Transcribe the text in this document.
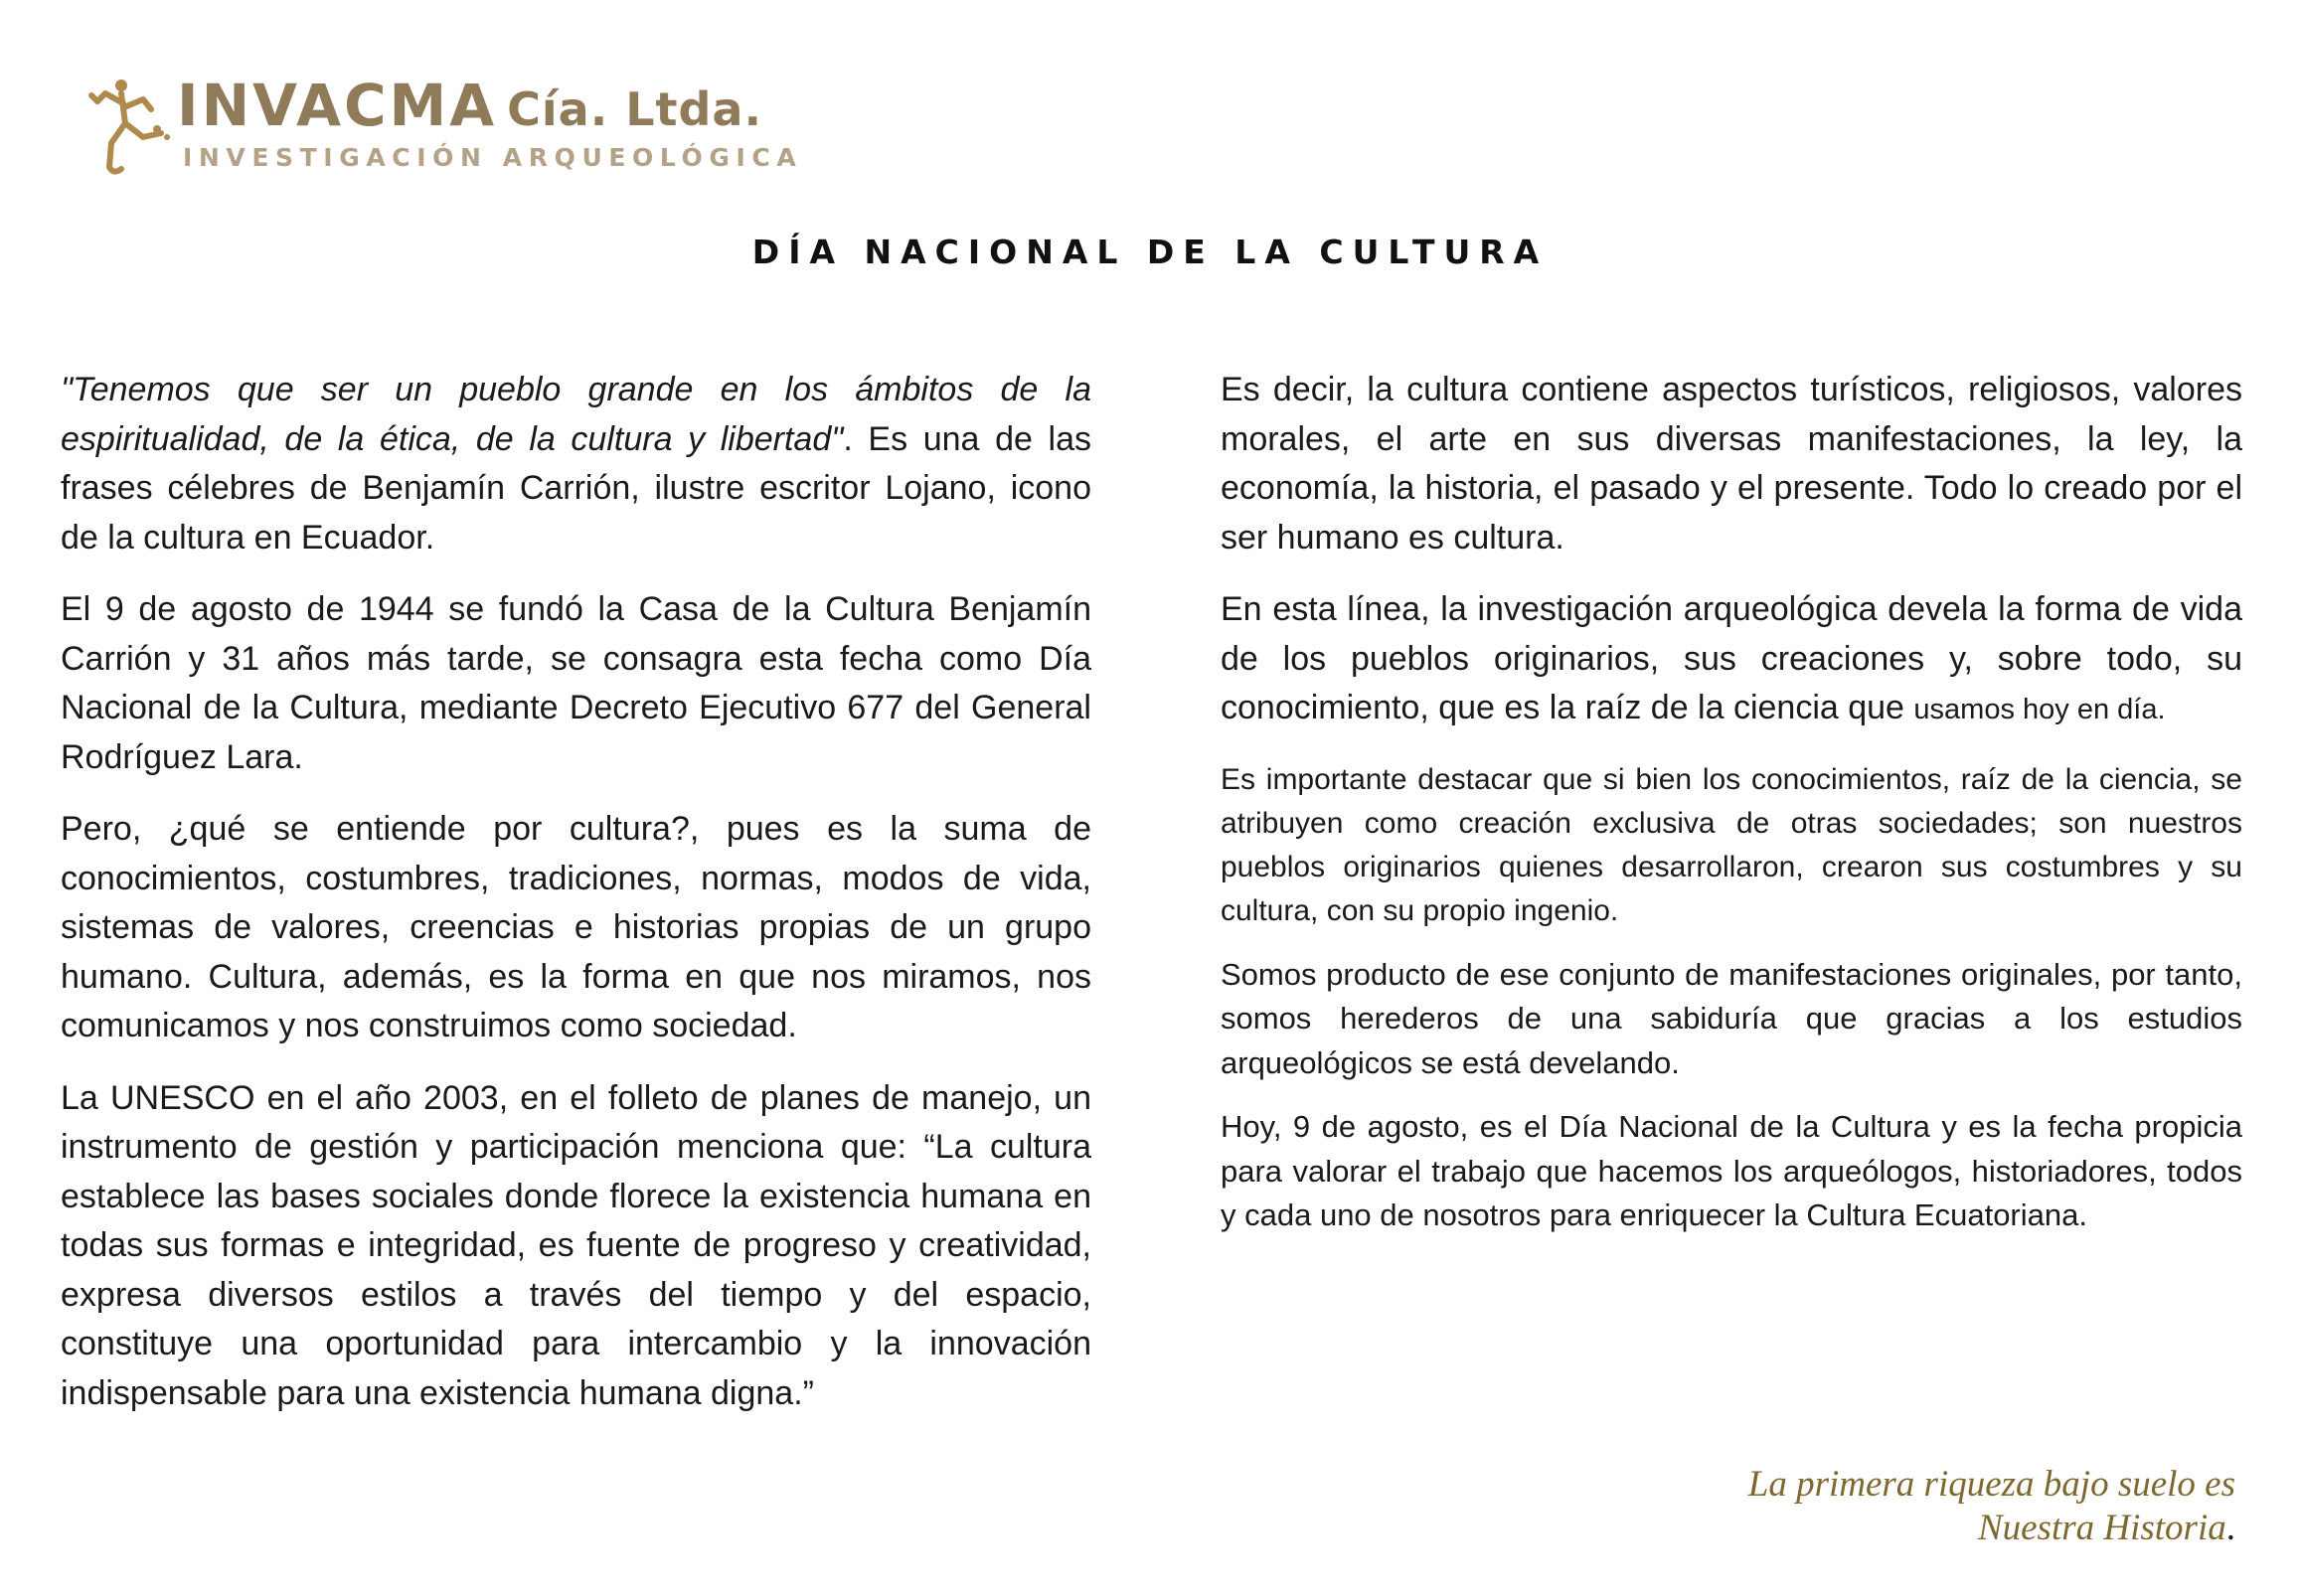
INVACMA Cía. Ltda.
INVESTIGACIÓN ARQUEOLÓGICA
DÍA NACIONAL DE LA CULTURA

"Tenemos que ser un pueblo grande en los ámbitos de la espiritualidad, de la ética, de la cultura y libertad". Es una de las frases célebres de Benjamín Carrión, ilustre escritor Lojano, icono de la cultura en Ecuador.

El 9 de agosto de 1944 se fundó la Casa de la Cultura Benjamín Carrión y 31 años más tarde, se consagra esta fecha como Día Nacional de la Cultura, mediante Decreto Ejecutivo 677 del General Rodríguez Lara.

Pero, ¿qué se entiende por cultura?, pues es la suma de conocimientos, costumbres, tradiciones, normas, modos de vida, sistemas de valores, creencias e historias propias de un grupo humano. Cultura, además, es la forma en que nos miramos, nos comunicamos y nos construimos como sociedad.

La UNESCO en el año 2003, en el folleto de planes de manejo, un instrumento de gestión y participación menciona que: “La cultura establece las bases sociales donde florece la existencia humana en todas sus formas e integridad, es fuente de progreso y creatividad, expresa diversos estilos a través del tiempo y del espacio, constituye una oportunidad para intercambio y la innovación indispensable para una existencia humana digna.”

Es decir, la cultura contiene aspectos turísticos, religiosos, valores morales, el arte en sus diversas manifestaciones, la ley, la economía, la historia, el pasado y el presente. Todo lo creado por el ser humano es cultura.

En esta línea, la investigación arqueológica devela la forma de vida de los pueblos originarios, sus creaciones y, sobre todo, su conocimiento, que es la raíz de la ciencia que usamos hoy en día.

Es importante destacar que si bien los conocimientos, raíz de la ciencia, se atribuyen como creación exclusiva de otras sociedades; son nuestros pueblos originarios quienes desarrollaron, crearon sus costumbres y su cultura, con su propio ingenio.

Somos producto de ese conjunto de manifestaciones originales, por tanto, somos herederos de una sabiduría que gracias a los estudios arqueológicos se está develando.

Hoy, 9 de agosto, es el Día Nacional de la Cultura y es la fecha propicia para valorar el trabajo que hacemos los arqueólogos, historiadores, todos y cada uno de nosotros para enriquecer la Cultura Ecuatoriana.

La primera riqueza bajo suelo es
Nuestra Historia.
